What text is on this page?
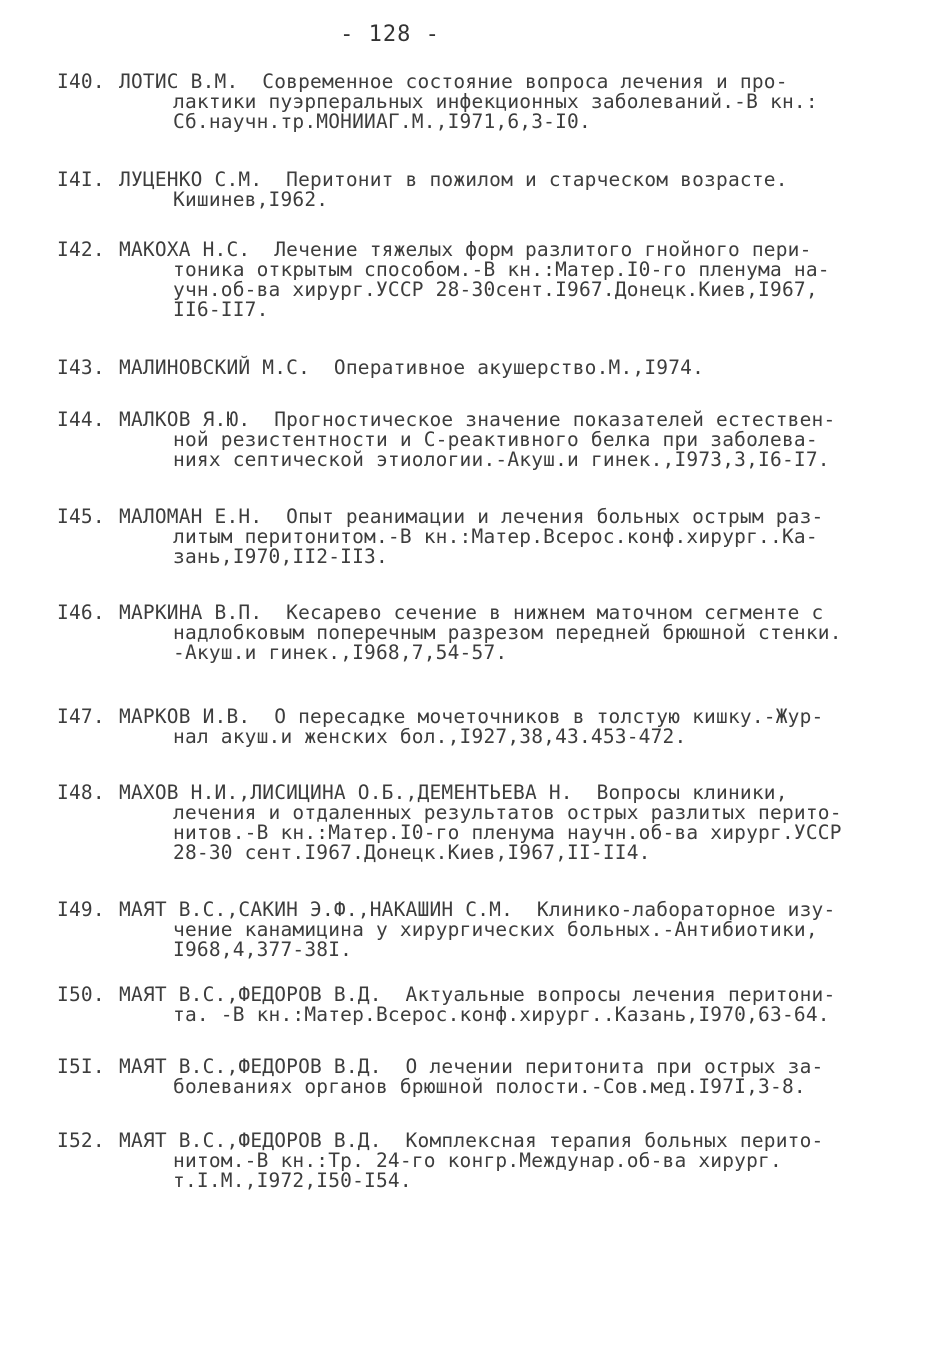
- 128 -
I40. ЛОТИС В.М.  Современное состояние вопроса лечения и про-
лактики пуэрперальных инфекционных заболеваний.-В кн.:
Сб.научн.тр.МОНИИАГ.М.,I971,6,3-I0.
I4I. ЛУЦЕНКО С.М.  Перитонит в пожилом и старческом возрасте.
Кишинев,I962.
I42. МАКОХА Н.С.  Лечение тяжелых форм разлитого гнойного пери-
тоника открытым способом.-В кн.:Матер.I0-го пленума на-
учн.об-ва хирург.УССР 28-30сент.I967.Донецк.Киев,I967,
II6-II7.
I43. МАЛИНОВСКИЙ М.С.  Оперативное акушерство.М.,I974.
I44. МАЛКОВ Я.Ю.  Прогностическое значение показателей естествен-
ной резистентности и С-реактивного белка при заболева-
ниях септической этиологии.-Акуш.и гинек.,I973,3,I6-I7.
I45. МАЛОМАН Е.Н.  Опыт реанимации и лечения больных острым раз-
литым перитонитом.-В кн.:Матер.Всерос.конф.хирург..Ка-
зань,I970,II2-II3.
I46. МАРКИНА В.П.  Кесарево сечение в нижнем маточном сегменте с
надлобковым поперечным разрезом передней брюшной стенки.
-Акуш.и гинек.,I968,7,54-57.
I47. МАРКОВ И.В.  О пересадке мочеточников в толстую кишку.-Жур-
нал акуш.и женских бол.,I927,38,43.453-472.
I48. МАХОВ Н.И.,ЛИСИЦИНА О.Б.,ДЕМЕНТЬЕВА Н.  Вопросы клиники,
лечения и отдаленных результатов острых разлитых перито-
нитов.-В кн.:Матер.I0-го пленума научн.об-ва хирург.УССР
28-30 сент.I967.Донецк.Киев,I967,II-II4.
I49. МАЯТ В.С.,САКИН Э.Ф.,НАКАШИН С.М.  Клинико-лабораторное изу-
чение канамицина у хирургических больных.-Антибиотики,
I968,4,377-38I.
I50. МАЯТ В.С.,ФЕДОРОВ В.Д.  Актуальные вопросы лечения перитони-
та. -В кн.:Матер.Всерос.конф.хирург..Казань,I970,63-64.
I5I. МАЯТ В.С.,ФЕДОРОВ В.Д.  О лечении перитонита при острых за-
болеваниях органов брюшной полости.-Сов.мед.I97I,3-8.
I52. МАЯТ В.С.,ФЕДОРОВ В.Д.  Комплексная терапия больных перито-
нитом.-В кн.:Тр. 24-го конгр.Междунар.об-ва хирург.
т.I.М.,I972,I50-I54.
